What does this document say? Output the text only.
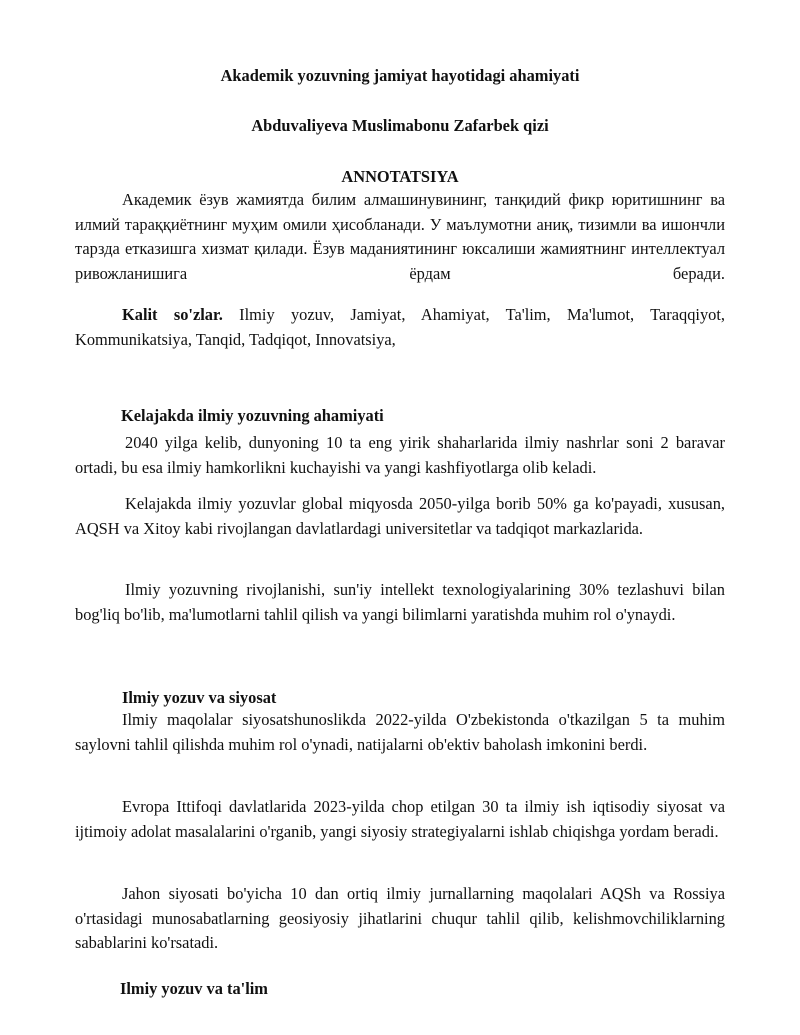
Akademik yozuvning jamiyat hayotidagi ahamiyati

Abduvaliyeva Muslimabonu Zafarbek qizi

ANNOTATSIYA

Академик ёзув жамиятда билим алмашинувининг, танқидий фикр юритишнинг ва илмий тараққиётнинг муҳим омили ҳисобланади. У маълумотни аниқ, тизимли ва ишончли тарзда етказишга хизмат қилади. Ёзув маданиятининг юксалиши жамиятнинг интеллектуал ривожланишига ёрдам беради.

Kalit so'zlar. Ilmiy yozuv, Jamiyat, Ahamiyat, Ta'lim, Ma'lumot, Taraqqiyot, Kommunikatsiya, Tanqid, Tadqiqot, Innovatsiya,

Kelajakda ilmiy yozuvning ahamiyati

2040 yilga kelib, dunyoning 10 ta eng yirik shaharlarida ilmiy nashrlar soni 2 baravar ortadi, bu esa ilmiy hamkorlikni kuchayishi va yangi kashfiyotlarga olib keladi.

Kelajakda ilmiy yozuvlar global miqyosda 2050-yilga borib 50% ga ko'payadi, xususan, AQSH va Xitoy kabi rivojlangan davlatlardagi universitetlar va tadqiqot markazlarida.

Ilmiy yozuvning rivojlanishi, sun'iy intellekt texnologiyalarining 30% tezlashuvi bilan bog'liq bo'lib, ma'lumotlarni tahlil qilish va yangi bilimlarni yaratishda muhim rol o'ynaydi.

Ilmiy yozuv va siyosat

Ilmiy maqolalar siyosatshunoslikda 2022-yilda O'zbekistonda o'tkazilgan 5 ta muhim saylovni tahlil qilishda muhim rol o'ynadi, natijalarni ob'ektiv baholash imkonini berdi.

Evropa Ittifoqi davlatlarida 2023-yilda chop etilgan 30 ta ilmiy ish iqtisodiy siyosat va ijtimoiy adolat masalalarini o'rganib, yangi siyosiy strategiyalarni ishlab chiqishga yordam beradi.

Jahon siyosati bo'yicha 10 dan ortiq ilmiy jurnallarning maqolalari AQSh va Rossiya o'rtasidagi munosabatlarning geosiyosiy jihatlarini chuqur tahlil qilib, kelishmovchiliklarning sabablarini ko'rsatadi.

Ilmiy yozuv va ta'lim
